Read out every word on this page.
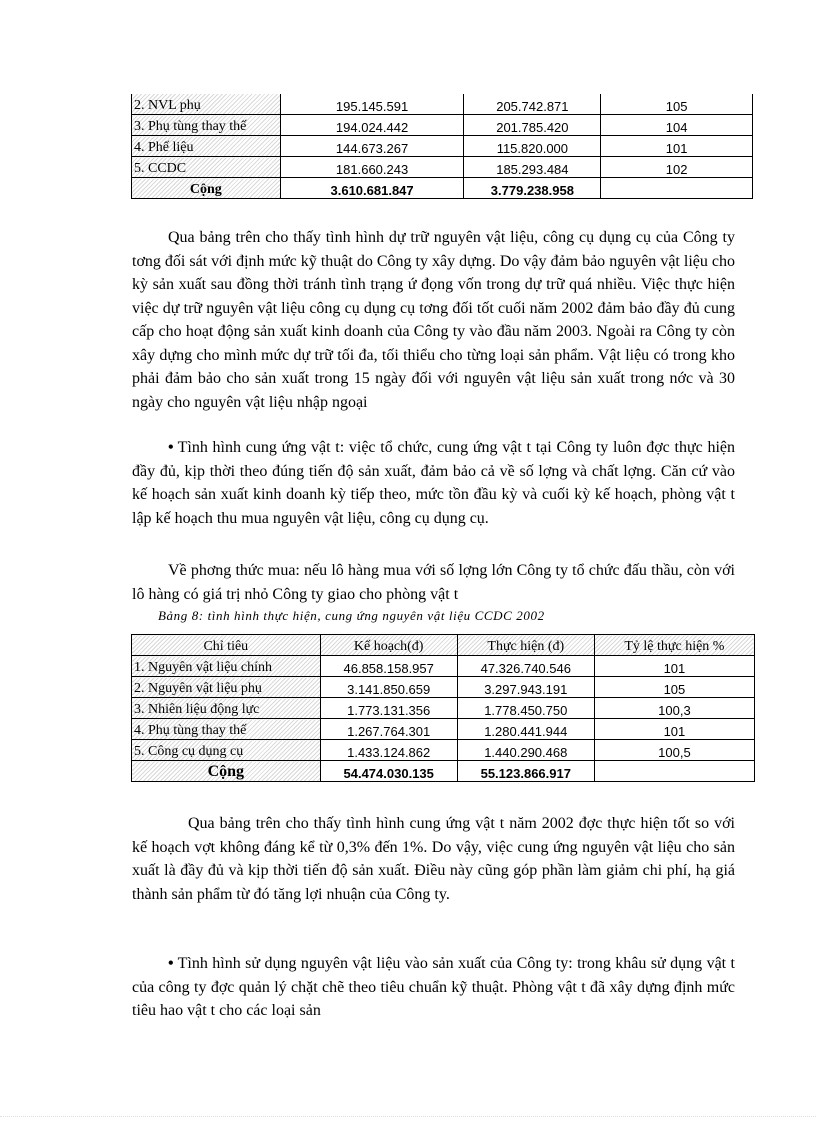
2. NVL phụ	195.145.591	205.742.871	105
3. Phụ tùng thay thế	194.024.442	201.785.420	104
4. Phế liệu	144.673.267	115.820.000	101
5. CCDC	181.660.243	185.293.484	102
Cộng	3.610.681.847	3.779.238.958	

Qua bảng trên cho thấy tình hình dự trữ nguyên vật liệu, công cụ dụng cụ của Công ty tơng đối sát với định mức kỹ thuật do Công ty xây dựng. Do vậy đảm bảo nguyên vật liệu cho kỳ sản xuất sau đồng thời tránh tình trạng ứ đọng vốn trong dự trữ quá nhiều. Việc thực hiện việc dự trữ nguyên vật liệu công cụ dụng cụ tơng đối tốt cuối năm 2002 đảm bảo đầy đủ cung cấp cho hoạt động sản xuất kinh doanh của Công ty vào đầu năm 2003. Ngoài ra Công ty còn xây dựng cho mình mức dự trữ tối đa, tối thiểu cho từng loại sản phẩm. Vật liệu có trong kho phải đảm bảo cho sản xuất trong 15 ngày đối với nguyên vật liệu sản xuất trong nớc và 30 ngày cho nguyên vật liệu nhập ngoại

• Tình hình cung ứng vật t: việc tổ chức, cung ứng vật t tại Công ty luôn đợc thực hiện đầy đủ, kịp thời theo đúng tiến độ sản xuất, đảm bảo cả về số lợng và chất lợng. Căn cứ vào kế hoạch sản xuất kinh doanh kỳ tiếp theo, mức tồn đầu kỳ và cuối kỳ kế hoạch, phòng vật t lập kế hoạch thu mua nguyên vật liệu, công cụ dụng cụ.

Về phơng thức mua: nếu lô hàng mua với số lợng lớn Công ty tổ chức đấu thầu, còn với lô hàng có giá trị nhỏ Công ty giao cho phòng vật t

Bảng 8: tình hình thực hiện, cung ứng nguyên vật liệu CCDC 2002

Chỉ tiêu	Kế hoạch(đ)	Thực hiện (đ)	Tỷ lệ thực hiện %
1. Nguyên vật liệu chính	46.858.158.957	47.326.740.546	101
2. Nguyên vật liệu phụ	3.141.850.659	3.297.943.191	105
3. Nhiên liệu động lực	1.773.131.356	1.778.450.750	100,3
4. Phụ tùng thay thế	1.267.764.301	1.280.441.944	101
5. Công cụ dụng cụ	1.433.124.862	1.440.290.468	100,5
Cộng	54.474.030.135	55.123.866.917	

Qua bảng trên cho thấy tình hình cung ứng vật t năm 2002 đợc thực hiện tốt so với kế hoạch vợt không đáng kể từ 0,3% đến 1%. Do vậy, việc cung ứng nguyên vật liệu cho sản xuất là đầy đủ và kịp thời tiến độ sản xuất. Điều này cũng góp phần làm giảm chi phí, hạ giá thành sản phẩm từ đó tăng lợi nhuận của Công ty.

• Tình hình sử dụng nguyên vật liệu vào sản xuất của Công ty: trong khâu sử dụng vật t của công ty đợc quản lý chặt chẽ theo tiêu chuẩn kỹ thuật. Phòng vật t đã xây dựng định mức tiêu hao vật t cho các loại sản
